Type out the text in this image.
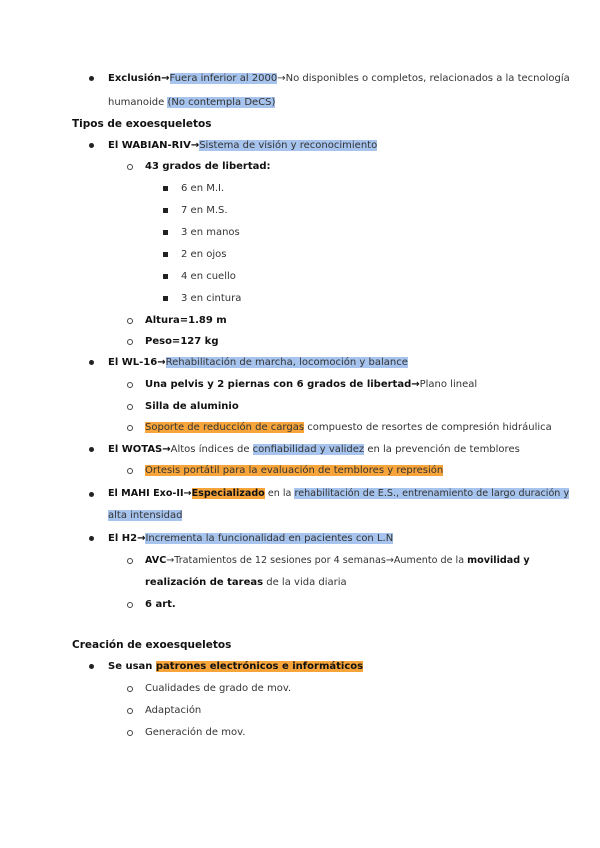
Exclusión→Fuera inferior al 2000→No disponibles o completos, relacionados a la tecnología
humanoide (No contempla DeCS)
Tipos de exoesqueletos
El WABIAN-RIV→Sistema de visión y reconocimiento
43 grados de libertad:
6 en M.I.
7 en M.S.
3 en manos
2 en ojos
4 en cuello
3 en cintura
Altura=1.89 m
Peso=127 kg
El WL-16→Rehabilitación de marcha, locomoción y balance
Una pelvis y 2 piernas con 6 grados de libertad→Plano lineal
Silla de aluminio
Soporte de reducción de cargas compuesto de resortes de compresión hidráulica
El WOTAS→Altos índices de confiabilidad y validez en la prevención de temblores
Ortesis portátil para la evaluación de temblores y represión
El MAHI Exo-II→Especializado en la rehabilitación de E.S., entrenamiento de largo duración y
alta intensidad
El H2→Incrementa la funcionalidad en pacientes con L.N
AVC→Tratamientos de 12 sesiones por 4 semanas→Aumento de la movilidad y
realización de tareas de la vida diaria
6 art.
Creación de exoesqueletos
Se usan patrones electrónicos e informáticos
Cualidades de grado de mov.
Adaptación
Generación de mov.
